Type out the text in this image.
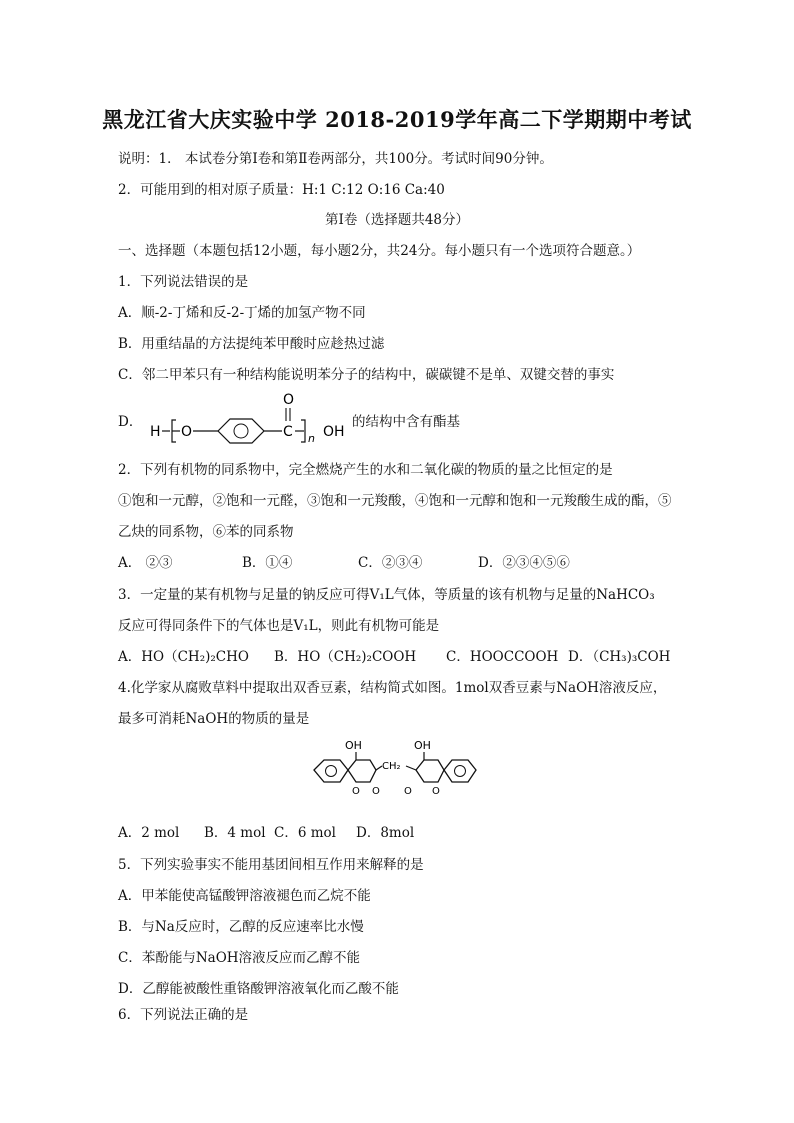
黑龙江省大庆实验中学 2018-2019学年高二下学期期中考试
说明：1． 本试卷分第Ⅰ卷和第Ⅱ卷两部分，共100分。考试时间90分钟。
2．可能用到的相对原子质量：H:1 C:12 O:16 Ca:40
第Ⅰ卷（选择题共48分）
一、选择题（本题包括12小题，每小题2分，共24分。每小题只有一个选项符合题意。）
1．下列说法错误的是
A．顺-2-丁烯和反-2-丁烯的加氢产物不同
B．用重结晶的方法提纯苯甲酸时应趁热过滤
C．邻二甲苯只有一种结构能说明苯分子的结构中，碳碳键不是单、双键交替的事实
D．
H O	C
O
n OH
的结构中含有酯基
2．下列有机物的同系物中，完全燃烧产生的水和二氧化碳的物质的量之比恒定的是
①饱和一元醇，②饱和一元醛，③饱和一元羧酸，④饱和一元醇和饱和一元羧酸生成的酯，⑤
乙炔的同系物，⑥苯的同系物
A． ②③	B．①④	C．②③④	D．②③④⑤⑥
3．一定量的某有机物与足量的钠反应可得V₁L气体，等质量的该有机物与足量的NaHCO₃
反应可得同条件下的气体也是V₁L，则此有机物可能是
A．HO（CH₂)₂CHO B．HO（CH₂)₂COOH C．HOOCCOOH D．（CH₃)₃COH
4.化学家从腐败草料中提取出双香豆素，结构简式如图。1mol双香豆素与NaOH溶液反应，
最多可消耗NaOH的物质的量是
OH
O O
CH₂
OH
O O
A．2 mol B．4 mol C．6 mol D．8mol
5．下列实验事实不能用基团间相互作用来解释的是
A．甲苯能使高锰酸钾溶液褪色而乙烷不能
B．与Na反应时，乙醇的反应速率比水慢
C．苯酚能与NaOH溶液反应而乙醇不能
D．乙醇能被酸性重铬酸钾溶液氧化而乙酸不能
6．下列说法正确的是
